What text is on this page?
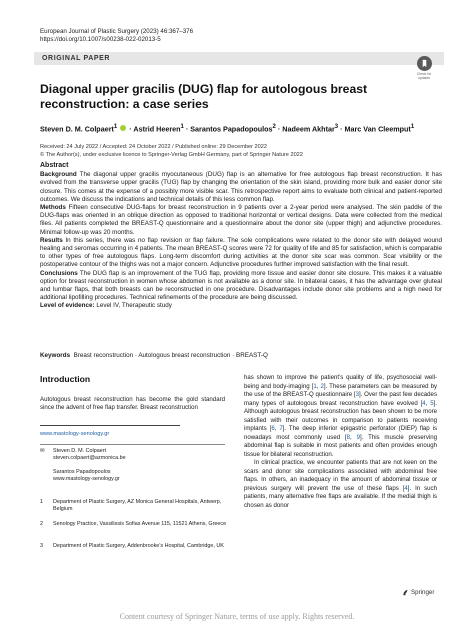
European Journal of Plastic Surgery (2023) 46:367–376
https://doi.org/10.1007/s00238-022-02013-5
ORIGINAL PAPER
Check for
updates
Diagonal upper gracilis (DUG) flap for autologous breast reconstruction: a case series
Steven D. M. Colpaert$^1$ · Astrid Heeren$^1$ · Sarantos Papadopoulos$^2$ · Nadeem Akhtar$^3$ · Marc Van Cleemput$^1$
Received: 24 July 2022 / Accepted: 24 October 2022 / Published online: 29 December 2022
© The Author(s), under exclusive licence to Springer-Verlag GmbH Germany, part of Springer Nature 2022
Abstract

Background The diagonal upper gracilis myocutaneous (DUG) flap is an alternative for free autologous flap breast reconstruction. It has evolved from the transverse upper gracilis (TUG) flap by changing the orientation of the skin island, providing more bulk and easier donor site closure. This comes at the expense of a possibly more visible scar. This retrospective report aims to evaluate both clinical and patient-reported outcomes. We discuss the indications and technical details of this less common flap.

Methods Fifteen consecutive DUG-flaps for breast reconstruction in 9 patients over a 2-year period were analysed. The skin paddle of the DUG-flaps was oriented in an oblique direction as opposed to traditional horizontal or vertical designs. Data were collected from the medical files. All patients completed the BREAST-Q questionnaire and a questionnaire about the donor site (upper thigh) and adjunctive procedures. Minimal follow-up was 20 months.

Results In this series, there was no flap revision or flap failure. The sole complications were related to the donor site with delayed wound healing and seromas occurring in 4 patients. The mean BREAST-Q scores were 72 for quality of life and 85 for satisfaction, which is comparable to other types of free autologous flaps. Long-term discomfort during activities at the donor site scar was common. Scar visibility or the postoperative contour of the thighs was not a major concern. Adjunctive procedures further improved satisfaction with the final result.

Conclusions The DUG flap is an improvement of the TUG flap, providing more tissue and easier donor site closure. This makes it a valuable option for breast reconstruction in women whose abdomen is not available as a donor site. In bilateral cases, it has the advantage over gluteal and lumbar flaps, that both breasts can be reconstructed in one procedure. Disadvantages include donor site problems and a high need for additional lipofilling procedures. Technical refinements of the procedure are being discussed.

Level of evidence: Level IV, Therapeutic study

Keywords Breast reconstruction · Autologous breast reconstruction · BREAST-Q
Introduction
Autologous breast reconstruction has become the gold standard since the advent of free flap transfer. Breast reconstruction

has shown to improve the patient’s quality of life, psychosocial well-being and body-imaging [1, 2]. These parameters can be measured by the use of the BREAST-Q questionnaire [3]. Over the past few decades many types of autologous breast reconstruction have evolved [4, 5]. Although autologous breast reconstruction has been shown to be more satisfied with their outcomes in comparison to patients receiving implants [6, 7]. The deep inferior epigastric perforator (DIEP) flap is nowadays most commonly used [8, 9]. This muscle preserving abdominal flap is suitable in most patients and often provides enough tissue for bilateral reconstruction.

In clinical practice, we encounter patients that are not keen on the scars and donor site complications associated with abdominal free flaps. In others, an inadequacy in the amount of abdominal tissue or previous surgery will prevent the use of these flaps [4]. In such patients, many alternative free flaps are available. If the medial thigh is chosen as donor

www.mastology-senology.gr
✉ Steven D. M. Colpaert
steven.colpaert@azmonica.be
Sarantos Papadopoulos
www.mastology-senology.gr
1 Department of Plastic Surgery, AZ Monica General Hospitals, Antwerp, Belgium
2 Senology Practice, Vassilissis Sofias Avenue 115, 11521 Athens, Greece
3 Department of Plastic Surgery, Addenbrooke’s Hospital, Cambridge, UK
Springer
Content courtesy of Springer Nature, terms of use apply. Rights reserved.
